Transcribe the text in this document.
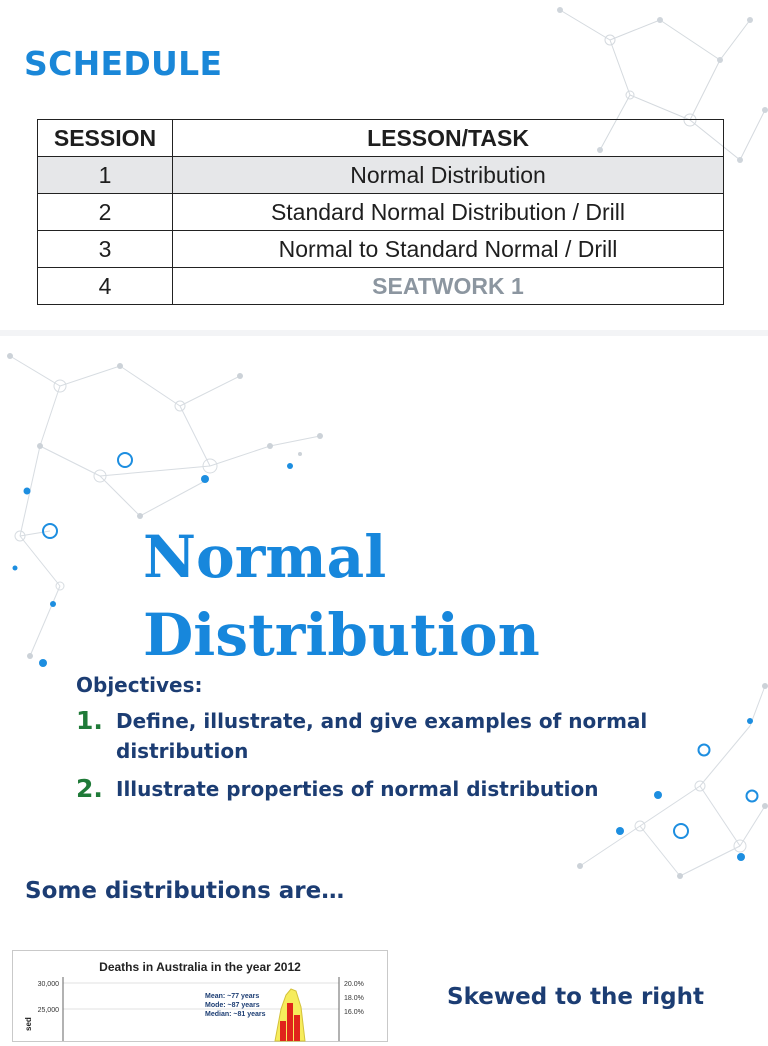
SCHEDULE
SESSION	LESSON/TASK
1	Normal Distribution
2	Standard Normal Distribution / Drill
3	Normal to Standard Normal / Drill
4	SEATWORK 1
Normal
Distribution
Objectives:
1. Define, illustrate, and give examples of normal distribution
2. Illustrate properties of normal distribution
Some distributions are…
Deaths in Australia in the year 2012
30,000
25,000
20.0%
18.0%
16.0%
sed
Mean: ~77 years
Mode: ~87 years
Median: ~81 years
Skewed to the right
